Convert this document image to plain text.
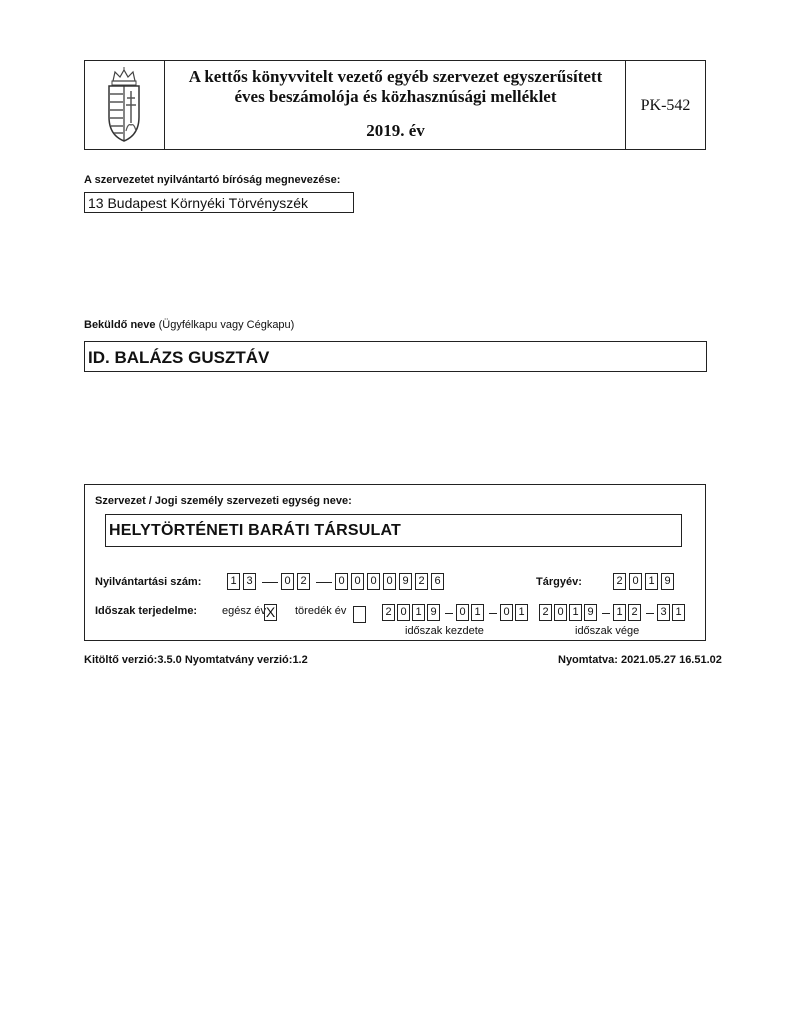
A kettős könyvvitelt vezető egyéb szervezet egyszerűsített
éves beszámolója és közhasznúsági melléklet
2019. év
PK-542
A szervezetet nyilvántartó bíróság megnevezése:
13 Budapest Környéki Törvényszék
Beküldő neve (Ügyfélkapu vagy Cégkapu)
ID. BALÁZS GUSZTÁV
Szervezet / Jogi személy szervezeti egység neve:
HELYTÖRTÉNETI BARÁTI TÁRSULAT
Nyilvántartási szám:	1 3	0 2	0 0 0 0 9 2 6	Tárgyév:	2 0 1 9
Időszak terjedelme: egész év X töredék év	2 0 1 9	0 1	0 1
időszak kezdete
2 0 1 9	1 2	3 1
időszak vége
Kitöltő verzió:3.5.0 Nyomtatvány verzió:1.2	Nyomtatva: 2021.05.27 16.51.02
